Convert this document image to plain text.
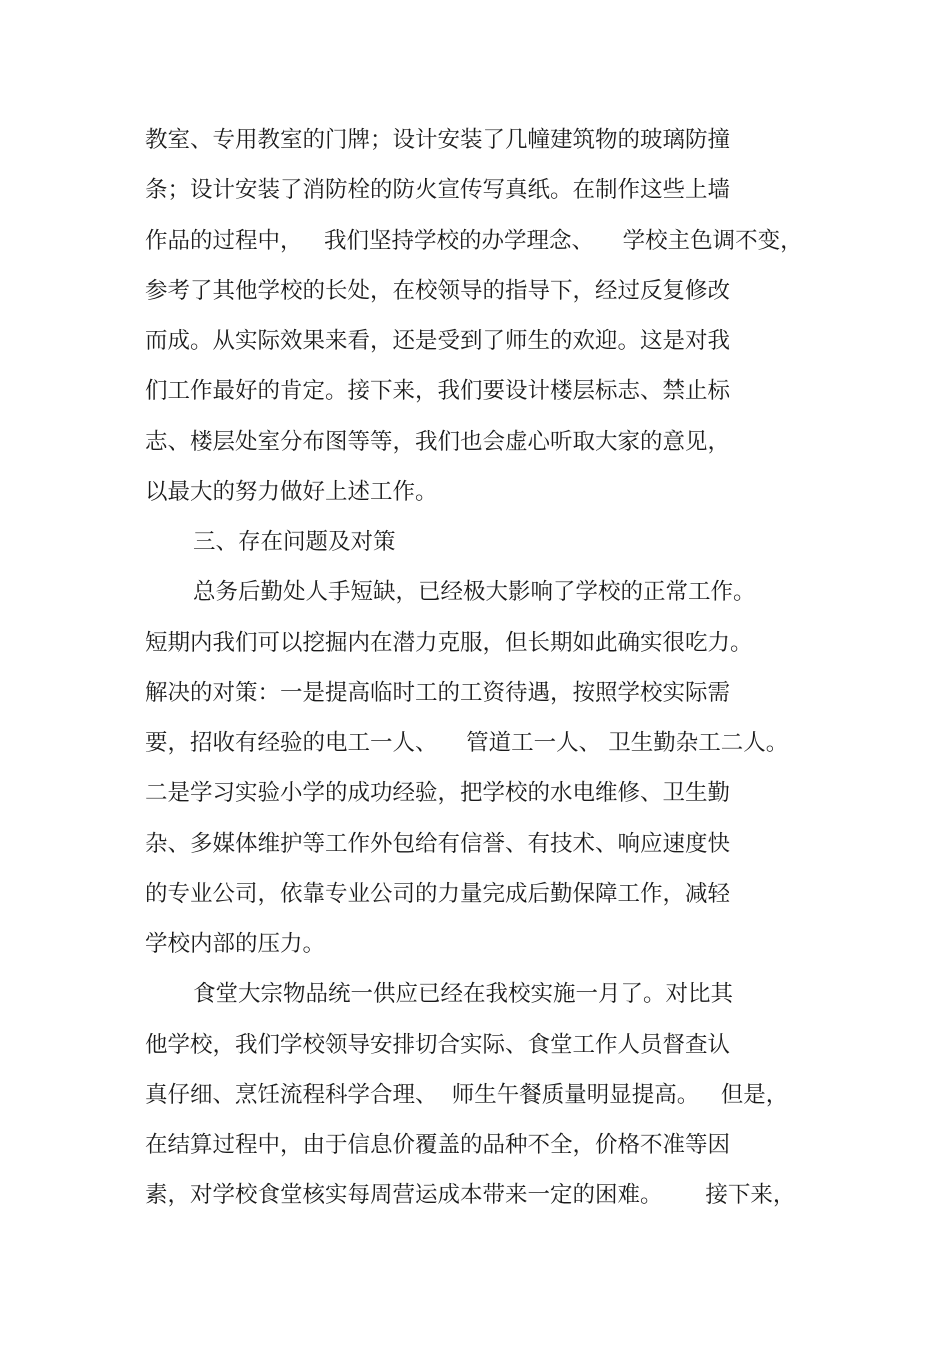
教室、专用教室的门牌；设计安装了几幢建筑物的玻璃防撞

条；设计安装了消防栓的防火宣传写真纸。在制作这些上墙

作品的过程中，   我们坚持学校的办学理念、    学校主色调不变，

参考了其他学校的长处，在校领导的指导下，经过反复修改

而成。从实际效果来看，还是受到了师生的欢迎。这是对我

们工作最好的肯定。接下来，我们要设计楼层标志、禁止标

志、楼层处室分布图等等，我们也会虚心听取大家的意见，

以最大的努力做好上述工作。

三、存在问题及对策

总务后勤处人手短缺，已经极大影响了学校的正常工作。

短期内我们可以挖掘内在潜力克服，但长期如此确实很吃力。

解决的对策：一是提高临时工的工资待遇，按照学校实际需

要，招收有经验的电工一人、    管道工一人、 卫生勤杂工二人。

二是学习实验小学的成功经验，把学校的水电维修、卫生勤

杂、多媒体维护等工作外包给有信誉、有技术、响应速度快

的专业公司，依靠专业公司的力量完成后勤保障工作，减轻

学校内部的压力。

食堂大宗物品统一供应已经在我校实施一月了。对比其

他学校，我们学校领导安排切合实际、食堂工作人员督查认

真仔细、烹饪流程科学合理、  师生午餐质量明显提高。   但是，

在结算过程中，由于信息价覆盖的品种不全，价格不准等因

素，对学校食堂核实每周营运成本带来一定的困难。      接下来，
